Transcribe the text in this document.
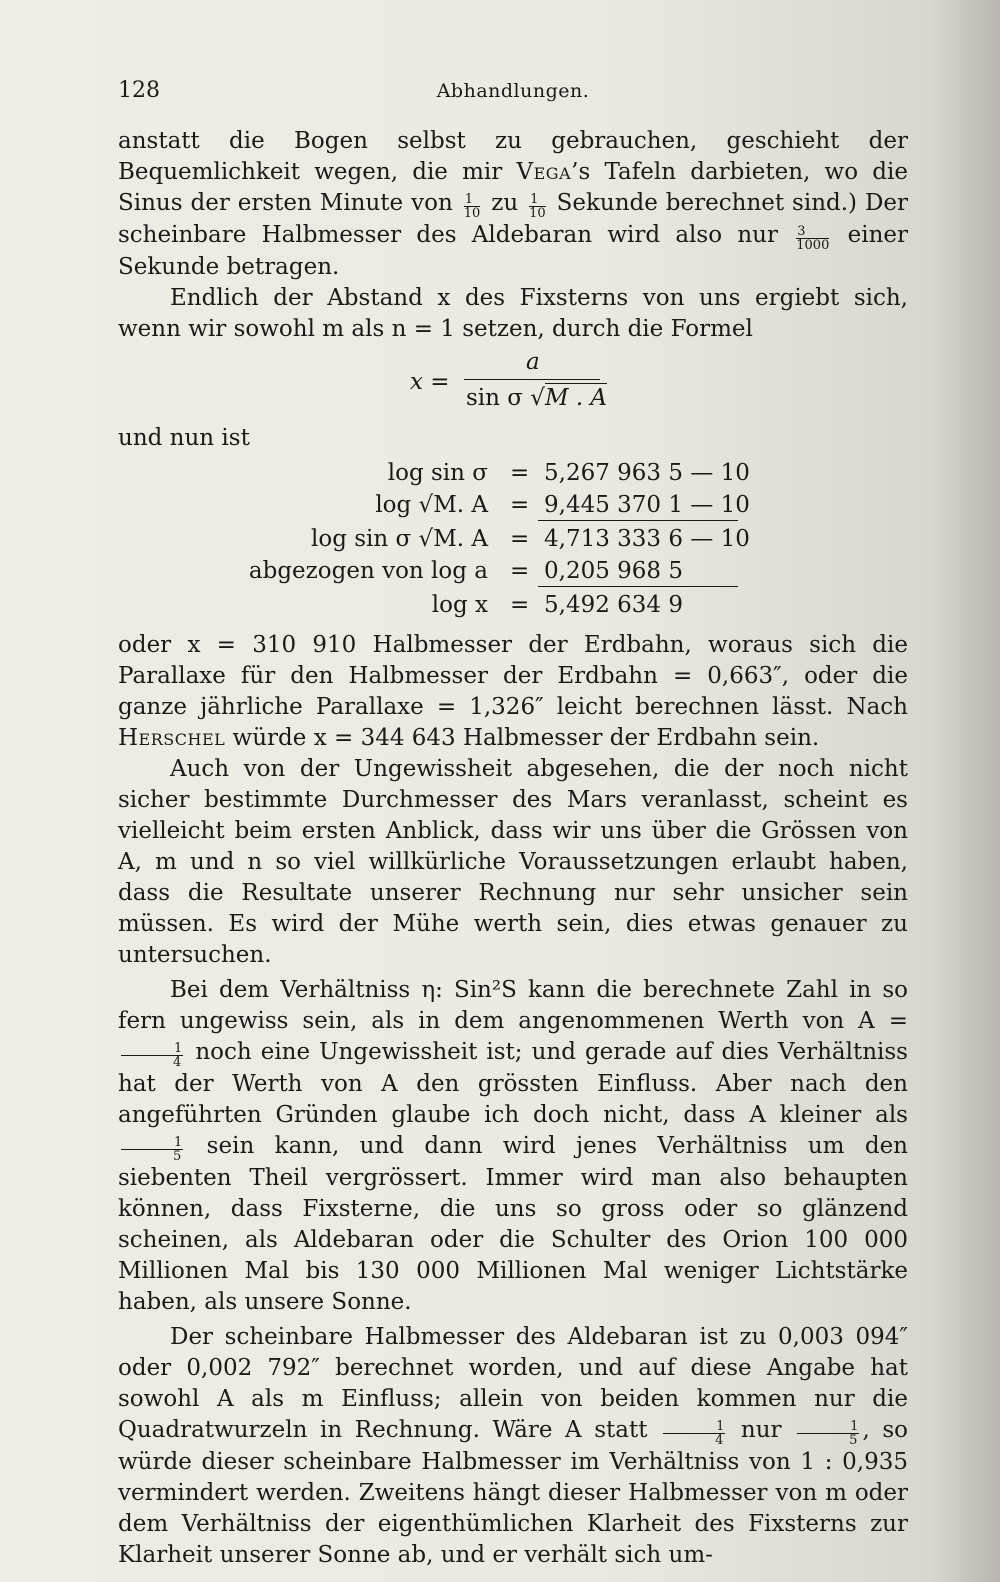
128	Abhandlungen.

anstatt die Bogen selbst zu gebrauchen, geschieht der Bequemlichkeit wegen, die mir Vega’s Tafeln darbieten, wo die Sinus der ersten Minute von $\frac{1}{10}$ zu $\frac{1}{10}$ Sekunde berechnet sind.) Der scheinbare Halbmesser des Aldebaran wird also nur $\frac{3}{1000}$ einer Sekunde betragen.

Endlich der Abstand x des Fixsterns von uns ergiebt sich, wenn wir sowohl m als n = 1 setzen, durch die Formel

x =
a
sin σ √M . A

und nun ist

log sin σ = 5,267 963 5 — 10
log √M. A = 9,445 370 1 — 10
log sin σ √M. A = 4,713 333 6 — 10
abgezogen von log a = 0,205 968 5
log x = 5,492 634 9

oder x = 310 910 Halbmesser der Erdbahn, woraus sich die Parallaxe für den Halbmesser der Erdbahn = 0,663″, oder die ganze jährliche Parallaxe = 1,326″ leicht berechnen lässt. Nach Herschel würde x = 344 643 Halbmesser der Erdbahn sein.

Auch von der Ungewissheit abgesehen, die der noch nicht sicher bestimmte Durchmesser des Mars veranlasst, scheint es vielleicht beim ersten Anblick, dass wir uns über die Grössen von A, m und n so viel willkürliche Voraussetzungen erlaubt haben, dass die Resultate unserer Rechnung nur sehr unsicher sein müssen. Es wird der Mühe werth sein, dies etwas genauer zu untersuchen.

Bei dem Verhältniss η: Sin²S kann die berechnete Zahl in so fern ungewiss sein, als in dem angenommenen Werth von A =
$\frac{1}{4}$ noch eine Ungewissheit ist; und gerade auf dies Verhältniss hat der Werth von A den grössten Einfluss. Aber nach den angeführten Gründen glaube ich doch nicht, dass A kleiner als
$\frac{1}{5}$ sein kann, und dann wird jenes Verhältniss um den siebenten Theil vergrössert. Immer wird man also behaupten können, dass Fixsterne, die uns so gross oder so glänzend scheinen, als Aldebaran oder die Schulter des Orion 100 000 Millionen Mal bis 130 000 Millionen Mal weniger Lichtstärke haben, als unsere Sonne.

Der scheinbare Halbmesser des Aldebaran ist zu 0,003 094″ oder 0,002 792″ berechnet worden, und auf diese Angabe hat sowohl A als m Einfluss; allein von beiden kommen nur die Quadratwurzeln in Rechnung. Wäre A statt $\frac{1}{4}$ nur $\frac{1}{5}$ , so würde dieser scheinbare Halbmesser im Verhältniss von 1 : 0,935 vermindert werden. Zweitens hängt dieser Halbmesser von m oder dem Verhältniss der eigenthümlichen Klarheit des Fixsterns zur Klarheit unserer Sonne ab, und er verhält sich um-
